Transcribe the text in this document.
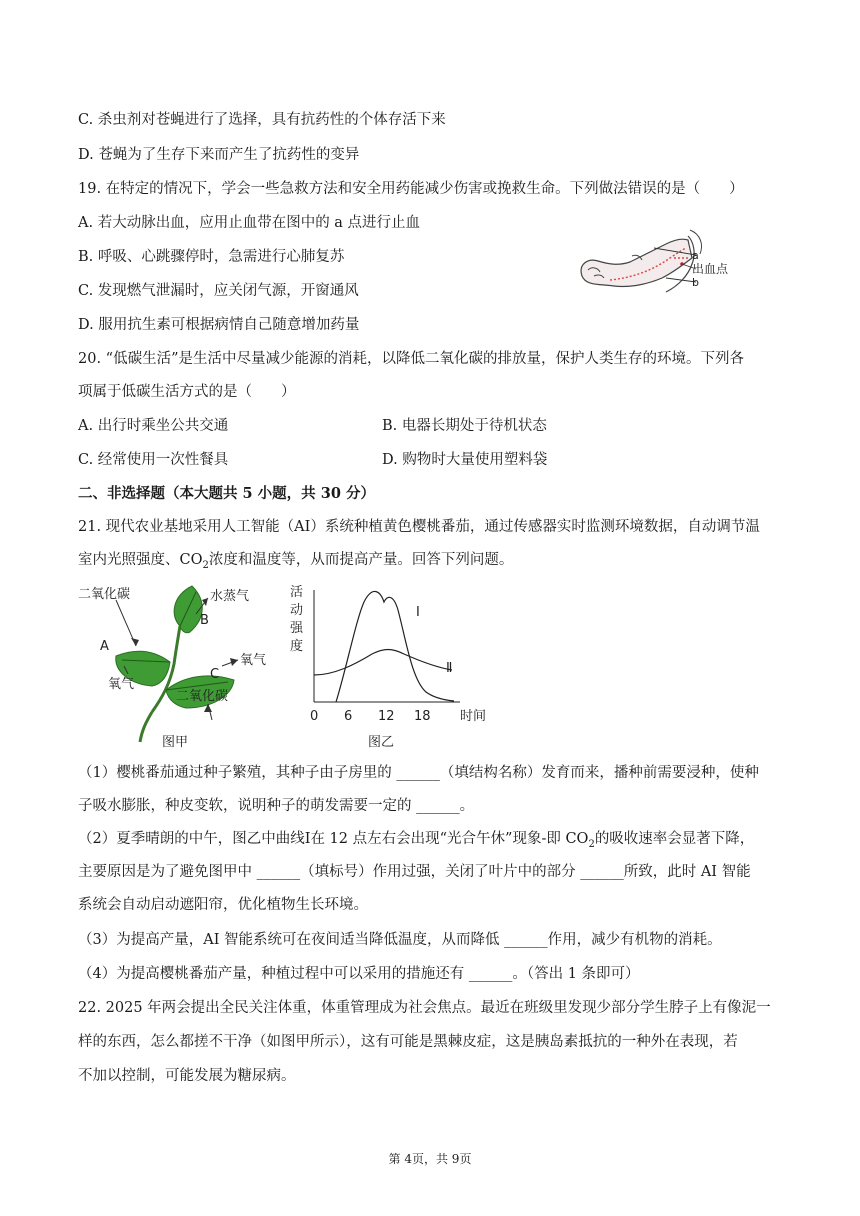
C. 杀虫剂对苍蝇进行了选择，具有抗药性的个体存活下来
D. 苍蝇为了生存下来而产生了抗药性的变异
19. 在特定的情况下，学会一些急救方法和安全用药能减少伤害或挽救生命。下列做法错误的是（　　）
A. 若大动脉出血，应用止血带在图中的 a 点进行止血
B. 呼吸、心跳骤停时，急需进行心肺复苏
C. 发现燃气泄漏时，应关闭气源，开窗通风
D. 服用抗生素可根据病情自己随意增加药量
a
出血点
b
20. “低碳生活”是生活中尽量减少能源的消耗，以降低二氧化碳的排放量，保护人类生存的环境。下列各
项属于低碳生活方式的是（　　）
A. 出行时乘坐公共交通	B. 电器长期处于待机状态
C. 经常使用一次性餐具	D. 购物时大量使用塑料袋
二、非选择题（本大题共 5 小题，共 30 分）
21. 现代农业基地采用人工智能（AI）系统种植黄色樱桃番茄，通过传感器实时监测环境数据，自动调节温
室内光照强度、$CO_2$浓度和温度等，从而提高产量。回答下列问题。
二氧化碳	水蒸气
B
A
氧气
C
氧气
二氧化碳
图甲
活
动
强
度
Ⅰ
Ⅱ
0 6 12 18 时间
图乙
（1）樱桃番茄通过种子繁殖，其种子由子房里的 ______（填结构名称）发育而来，播种前需要浸种，使种
子吸水膨胀，种皮变软，说明种子的萌发需要一定的 ______。
（2）夏季晴朗的中午，图乙中曲线Ⅰ在 12 点左右会出现“光合午休”现象-即 $CO_2$的吸收速率会显著下降，
主要原因是为了避免图甲中 ______（填标号）作用过强，关闭了叶片中的部分 ______所致，此时 AI 智能
系统会自动启动遮阳帘，优化植物生长环境。
（3）为提高产量，AI 智能系统可在夜间适当降低温度，从而降低 ______作用，减少有机物的消耗。
（4）为提高樱桃番茄产量，种植过程中可以采用的措施还有 ______。（答出 1 条即可）
22. 2025 年两会提出全民关注体重，体重管理成为社会焦点。最近在班级里发现少部分学生脖子上有像泥一
样的东西，怎么都搓不干净（如图甲所示），这有可能是黑棘皮症，这是胰岛素抵抗的一种外在表现，若
不加以控制，可能发展为糖尿病。
第 4页，共 9页
